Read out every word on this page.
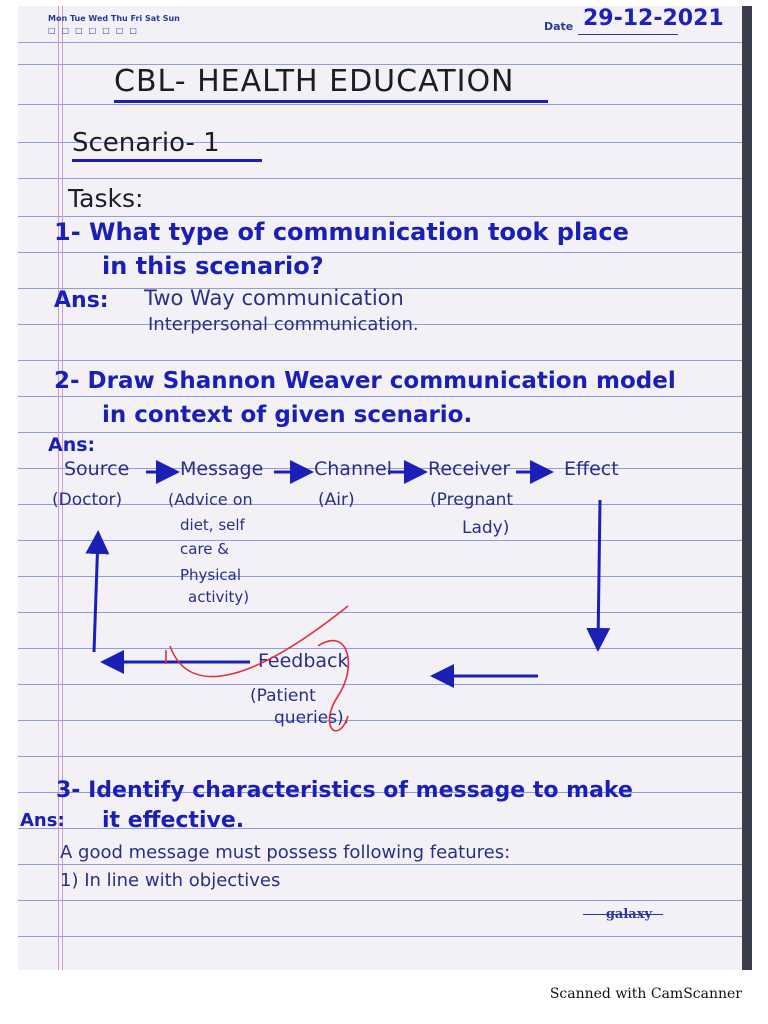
Mon Tue Wed Thu Fri Sat Sun
□□□□□□□	Date 29-12-2021
CBL- HEALTH EDUCATION
Scenario- 1
Tasks:
1- What type of communication took place
in this scenario?
Ans: Two Way communication
Interpersonal communication.
2- Draw Shannon Weaver communication model
in context of given scenario.
Ans:
Source	Message	Channel Receiver	Effect
(Doctor)	(Advice on
diet, self
care &
Physical
activity)
(Air)	(Pregnant
Lady)
Feedback
(Patient
queries).
3- Identify characteristics of message to make
it effective.
Ans:
A good message must possess following features:
1) In line with objectives
galaxy
Scanned with CamScanner
